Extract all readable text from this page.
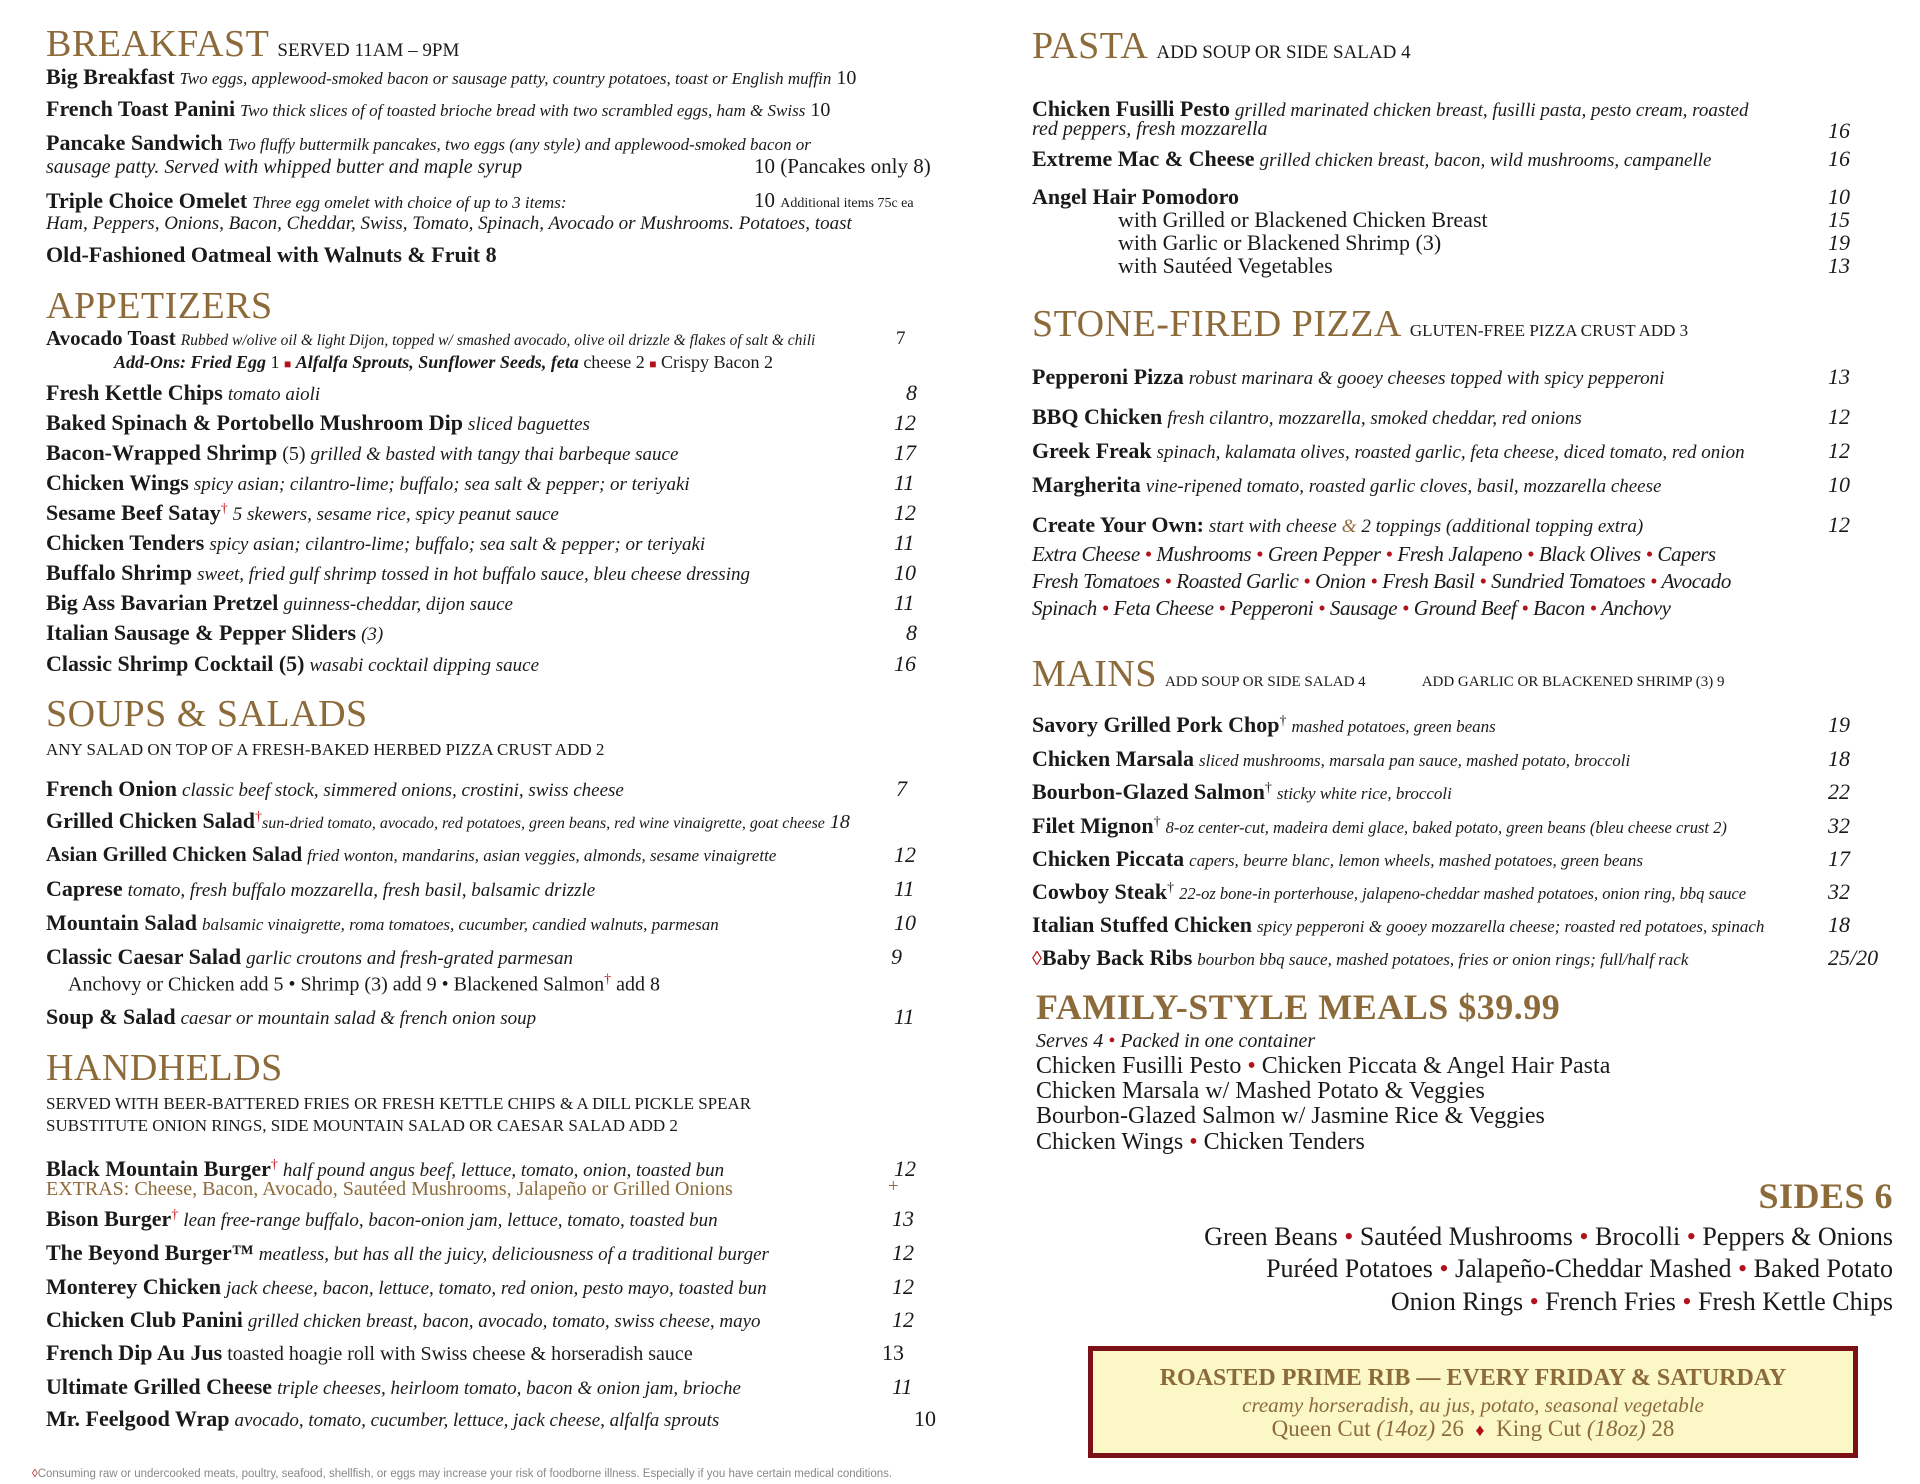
BREAKFAST SERVED 11AM – 9PM
Big Breakfast Two eggs, applewood-smoked bacon or sausage patty, country potatoes, toast or English muffin 10
French Toast Panini Two thick slices of of toasted brioche bread with two scrambled eggs, ham & Swiss 10
Pancake Sandwich Two fluffy buttermilk pancakes, two eggs (any style) and applewood-smoked bacon or
sausage patty. Served with whipped butter and maple syrup	10 (Pancakes only 8)
Triple Choice Omelet Three egg omelet with choice of up to 3 items:	10 Additional items 75c ea
Ham, Peppers, Onions, Bacon, Cheddar, Swiss, Tomato, Spinach, Avocado or Mushrooms. Potatoes, toast
Old-Fashioned Oatmeal with Walnuts & Fruit 8
APPETIZERS
Avocado Toast Rubbed w/olive oil & light Dijon, topped w/ smashed avocado, olive oil drizzle & flakes of salt & chili	7
Add-Ons: Fried Egg 1 ■ Alfalfa Sprouts, Sunflower Seeds, feta cheese 2 ■ Crispy Bacon 2
Fresh Kettle Chips tomato aioli	8
Baked Spinach & Portobello Mushroom Dip sliced baguettes	12
Bacon-Wrapped Shrimp (5) grilled & basted with tangy thai barbeque sauce	17
Chicken Wings spicy asian; cilantro-lime; buffalo; sea salt & pepper; or teriyaki	11
Sesame Beef Satay† 5 skewers, sesame rice, spicy peanut sauce	12
Chicken Tenders spicy asian; cilantro-lime; buffalo; sea salt & pepper; or teriyaki	11
Buffalo Shrimp sweet, fried gulf shrimp tossed in hot buffalo sauce, bleu cheese dressing	10
Big Ass Bavarian Pretzel guinness-cheddar, dijon sauce	11
Italian Sausage & Pepper Sliders (3)	8
Classic Shrimp Cocktail (5) wasabi cocktail dipping sauce	16
SOUPS & SALADS
ANY SALAD ON TOP OF A FRESH-BAKED HERBED PIZZA CRUST ADD 2
French Onion classic beef stock, simmered onions, crostini, swiss cheese	7
Grilled Chicken Salad†sun-dried tomato, avocado, red potatoes, green beans, red wine vinaigrette, goat cheese 18
Asian Grilled Chicken Salad fried wonton, mandarins, asian veggies, almonds, sesame vinaigrette	12
Caprese tomato, fresh buffalo mozzarella, fresh basil, balsamic drizzle	11
Mountain Salad balsamic vinaigrette, roma tomatoes, cucumber, candied walnuts, parmesan	10
Classic Caesar Salad garlic croutons and fresh-grated parmesan	9
Anchovy or Chicken add 5 • Shrimp (3) add 9 • Blackened Salmon† add 8
Soup & Salad caesar or mountain salad & french onion soup	11
HANDHELDS
SERVED WITH BEER-BATTERED FRIES OR FRESH KETTLE CHIPS & A DILL PICKLE SPEAR
SUBSTITUTE ONION RINGS, SIDE MOUNTAIN SALAD OR CAESAR SALAD ADD 2
Black Mountain Burger† half pound angus beef, lettuce, tomato, onion, toasted bun	12
EXTRAS: Cheese, Bacon, Avocado, Sautéed Mushrooms, Jalapeño or Grilled Onions	+
Bison Burger† lean free-range buffalo, bacon-onion jam, lettuce, tomato, toasted bun	13
The Beyond Burger™ meatless, but has all the juicy, deliciousness of a traditional burger	12
Monterey Chicken jack cheese, bacon, lettuce, tomato, red onion, pesto mayo, toasted bun	12
Chicken Club Panini grilled chicken breast, bacon, avocado, tomato, swiss cheese, mayo	12
French Dip Au Jus toasted hoagie roll with Swiss cheese & horseradish sauce	13
Ultimate Grilled Cheese triple cheeses, heirloom tomato, bacon & onion jam, brioche	11
Mr. Feelgood Wrap avocado, tomato, cucumber, lettuce, jack cheese, alfalfa sprouts	10
PASTA ADD SOUP OR SIDE SALAD 4
Chicken Fusilli Pesto grilled marinated chicken breast, fusilli pasta, pesto cream, roasted
red peppers, fresh mozzarella	16
Extreme Mac & Cheese grilled chicken breast, bacon, wild mushrooms, campanelle	16
Angel Hair Pomodoro	10
with Grilled or Blackened Chicken Breast	15
with Garlic or Blackened Shrimp (3)	19
with Sautéed Vegetables	13
STONE-FIRED PIZZA GLUTEN-FREE PIZZA CRUST ADD 3
Pepperoni Pizza robust marinara & gooey cheeses topped with spicy pepperoni	13
BBQ Chicken fresh cilantro, mozzarella, smoked cheddar, red onions	12
Greek Freak spinach, kalamata olives, roasted garlic, feta cheese, diced tomato, red onion	12
Margherita vine-ripened tomato, roasted garlic cloves, basil, mozzarella cheese	10
Create Your Own: start with cheese & 2 toppings (additional topping extra)	12
Extra Cheese • Mushrooms • Green Pepper • Fresh Jalapeno • Black Olives • Capers
Fresh Tomatoes • Roasted Garlic • Onion • Fresh Basil • Sundried Tomatoes • Avocado
Spinach • Feta Cheese • Pepperoni • Sausage • Ground Beef • Bacon • Anchovy
MAINS ADD SOUP OR SIDE SALAD 4	ADD GARLIC OR BLACKENED SHRIMP (3) 9
Savory Grilled Pork Chop† mashed potatoes, green beans	19
Chicken Marsala sliced mushrooms, marsala pan sauce, mashed potato, broccoli	18
Bourbon-Glazed Salmon† sticky white rice, broccoli	22
Filet Mignon† 8-oz center-cut, madeira demi glace, baked potato, green beans (bleu cheese crust 2)	32
Chicken Piccata capers, beurre blanc, lemon wheels, mashed potatoes, green beans	17
Cowboy Steak† 22-oz bone-in porterhouse, jalapeno-cheddar mashed potatoes, onion ring, bbq sauce	32
Italian Stuffed Chicken spicy pepperoni & gooey mozzarella cheese; roasted red potatoes, spinach	18
◊Baby Back Ribs bourbon bbq sauce, mashed potatoes, fries or onion rings; full/half rack	25/20
FAMILY-STYLE MEALS $39.99
Serves 4 • Packed in one container
Chicken Fusilli Pesto • Chicken Piccata & Angel Hair Pasta
Chicken Marsala w/ Mashed Potato & Veggies
Bourbon-Glazed Salmon w/ Jasmine Rice & Veggies
Chicken Wings • Chicken Tenders
SIDES 6
Green Beans • Sautéed Mushrooms • Brocolli • Peppers & Onions
Puréed Potatoes • Jalapeño-Cheddar Mashed • Baked Potato
Onion Rings • French Fries • Fresh Kettle Chips
ROASTED PRIME RIB — EVERY FRIDAY & SATURDAY
creamy horseradish, au jus, potato, seasonal vegetable
Queen Cut (14oz) 26 ♦ King Cut (18oz) 28
◊Consuming raw or undercooked meats, poultry, seafood, shellfish, or eggs may increase your risk of foodborne illness. Especially if you have certain medical conditions.
